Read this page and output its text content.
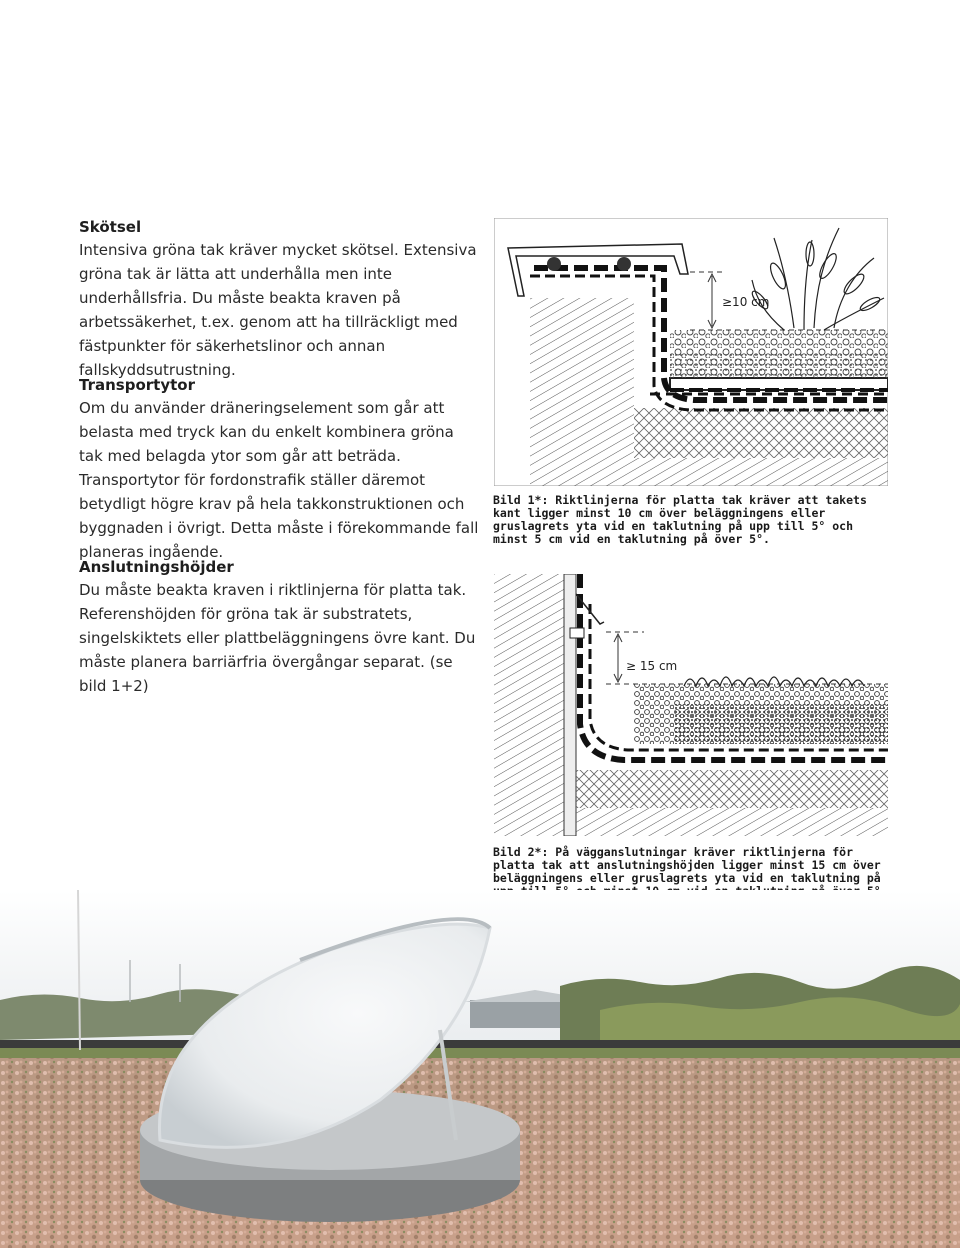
Skötsel

Intensiva gröna tak kräver mycket skötsel. Extensiva gröna tak är lätta att underhålla men inte underhållsfria. Du måste beakta kraven på arbetssäkerhet, t.ex. genom att ha tillräckligt med fästpunkter för säkerhetslinor och annan fallskyddsutrustning.

Transportytor

Om du använder dräneringselement som går att belasta med tryck kan du enkelt kombinera gröna tak med belagda ytor som går att beträda. Transportytor för fordonstrafik ställer däremot betydligt högre krav på hela takkonstruktionen och byggnaden i övrigt. Detta måste i förekommande fall planeras ingående.

Anslutningshöjder

Du måste beakta kraven i riktlinjerna för platta tak. Referenshöjden för gröna tak är substratets, singelskiktets eller plattbeläggningens övre kant. Du måste planera barriärfria övergångar separat. (se bild 1+2)

≥10 cm
Bild 1*: Riktlinjerna för platta tak kräver att takets kant ligger minst 10 cm över beläggningens eller gruslagrets yta vid en taklutning på upp till 5° och minst 5 cm vid en taklutning på över 5°.
≥ 15 cm
Bild 2*: På vägganslutningar kräver riktlinjerna för platta tak att anslutningshöjden ligger minst 15 cm över beläggningens eller gruslagrets yta vid en taklutning på
